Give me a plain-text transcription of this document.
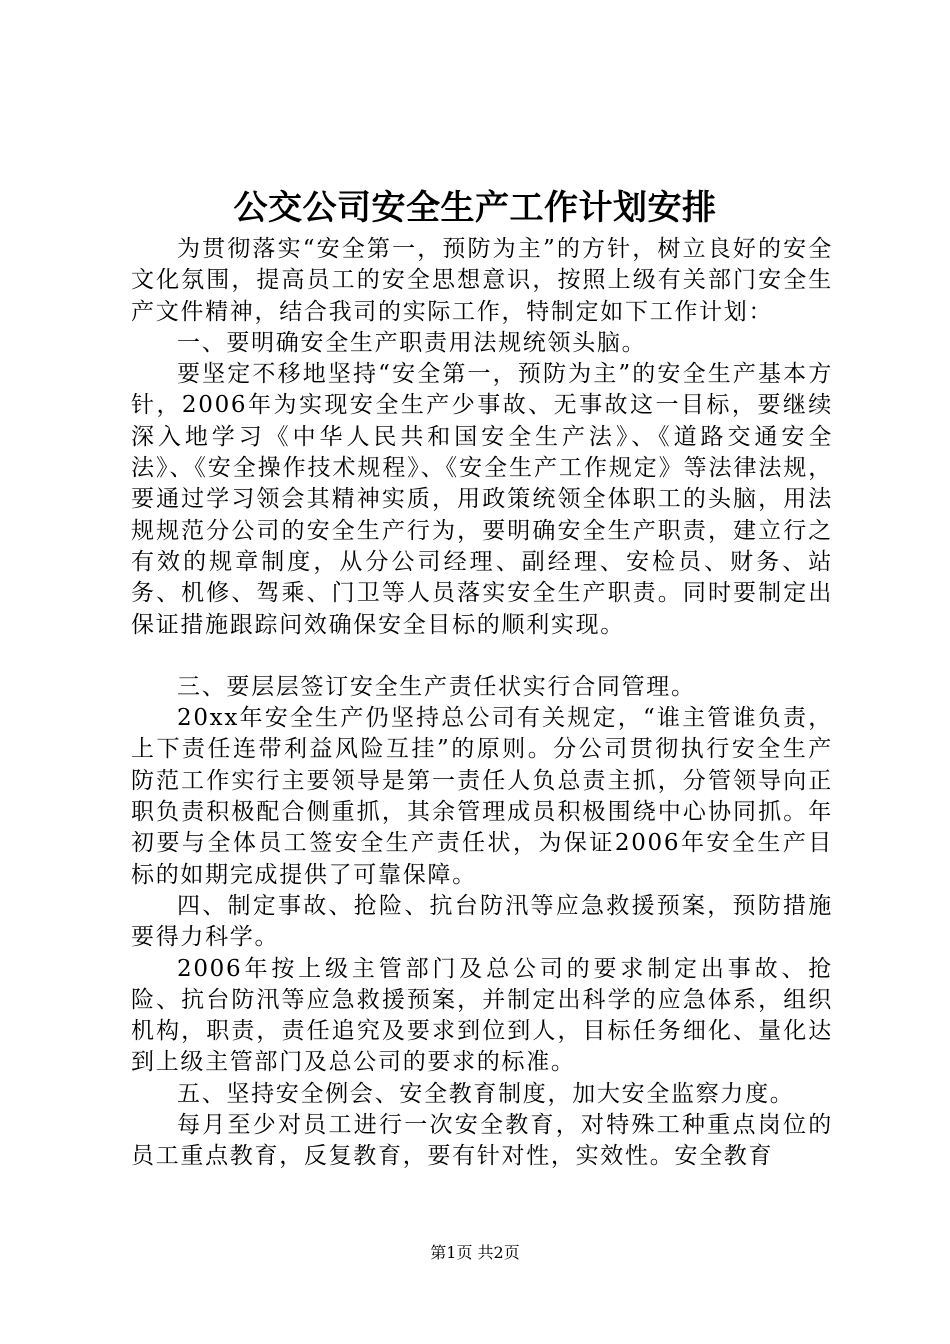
公交公司安全生产工作计划安排

为贯彻落实“安全第一，预防为主”的方针，树立良好的安全文化氛围，提高员工的安全思想意识，按照上级有关部门安全生产文件精神，结合我司的实际工作，特制定如下工作计划：

一、要明确安全生产职责用法规统领头脑。

要坚定不移地坚持“安全第一，预防为主”的安全生产基本方针，2006年为实现安全生产少事故、无事故这一目标，要继续深入地学习《中华人民共和国安全生产法》、《道路交通安全法》、《安全操作技术规程》、《安全生产工作规定》等法律法规，要通过学习领会其精神实质，用政策统领全体职工的头脑，用法规规范分公司的安全生产行为，要明确安全生产职责，建立行之有效的规章制度，从分公司经理、副经理、安检员、财务、站务、机修、驾乘、门卫等人员落实安全生产职责。同时要制定出保证措施跟踪问效确保安全目标的顺利实现。

三、要层层签订安全生产责任状实行合同管理。

20xx年安全生产仍坚持总公司有关规定，“谁主管谁负责，上下责任连带利益风险互挂”的原则。分公司贯彻执行安全生产防范工作实行主要领导是第一责任人负总责主抓，分管领导向正职负责积极配合侧重抓，其余管理成员积极围绕中心协同抓。年初要与全体员工签安全生产责任状，为保证2006年安全生产目标的如期完成提供了可靠保障。

四、制定事故、抢险、抗台防汛等应急救援预案，预防措施要得力科学。

2006年按上级主管部门及总公司的要求制定出事故、抢险、抗台防汛等应急救援预案，并制定出科学的应急体系，组织机构，职责，责任追究及要求到位到人，目标任务细化、量化达到上级主管部门及总公司的要求的标准。

五、坚持安全例会、安全教育制度，加大安全监察力度。

每月至少对员工进行一次安全教育，对特殊工种重点岗位的员工重点教育，反复教育，要有针对性，实效性。安全教育

第1页 共2页
